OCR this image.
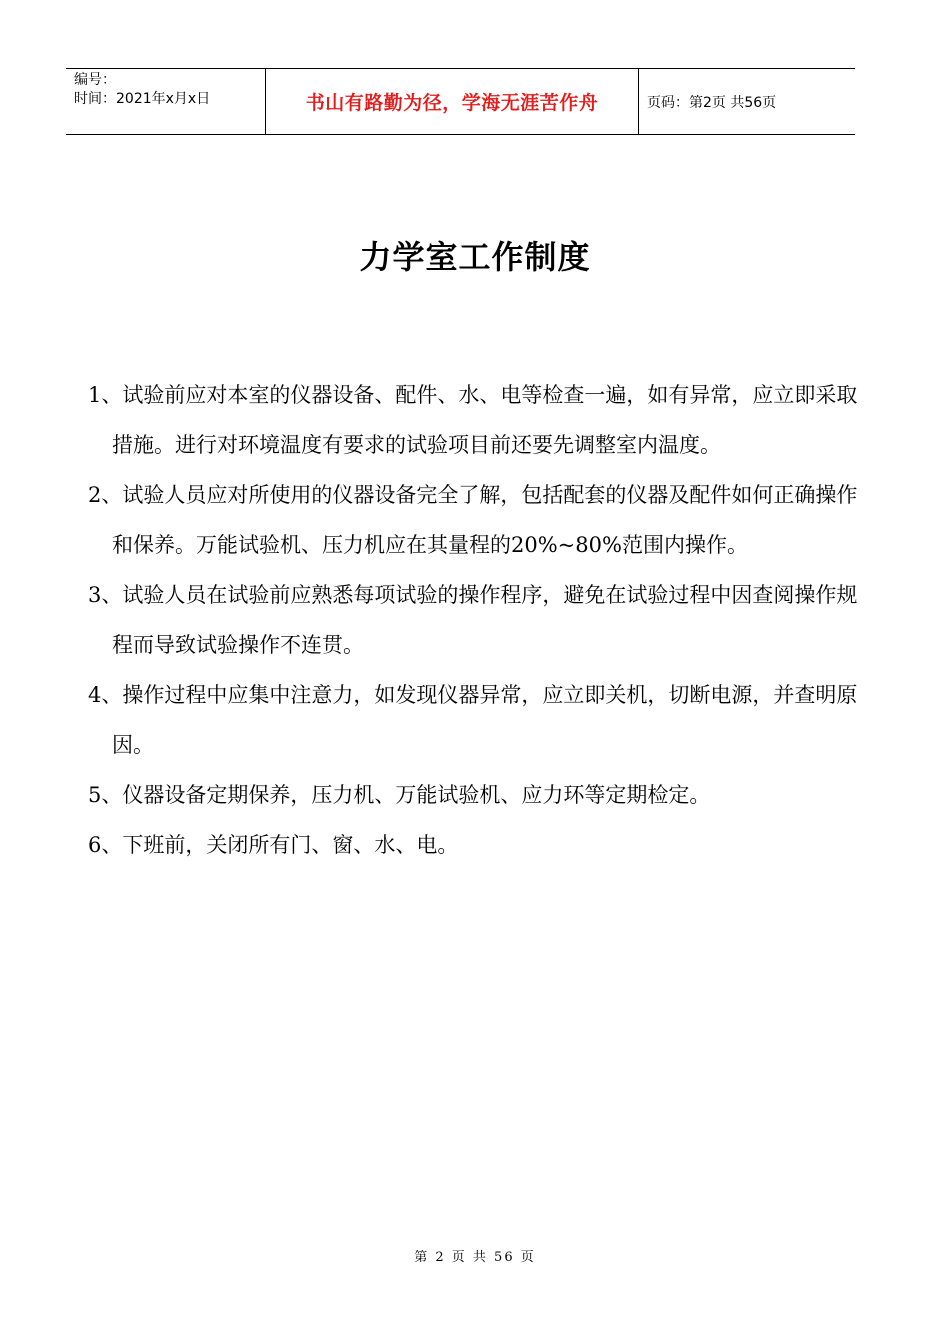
编号：
时间：2021年x月x日	书山有路勤为径，学海无涯苦作舟	页码：第2页 共56页
力学室工作制度

1、试验前应对本室的仪器设备、配件、水、电等检查一遍，如有异常，应立即采取措施。进行对环境温度有要求的试验项目前还要先调整室内温度。

2、试验人员应对所使用的仪器设备完全了解，包括配套的仪器及配件如何正确操作和保养。万能试验机、压力机应在其量程的20%~80%范围内操作。

3、试验人员在试验前应熟悉每项试验的操作程序，避免在试验过程中因查阅操作规程而导致试验操作不连贯。

4、操作过程中应集中注意力，如发现仪器异常，应立即关机，切断电源，并查明原因。

5、仪器设备定期保养，压力机、万能试验机、应力环等定期检定。

6、下班前，关闭所有门、窗、水、电。

第 2 页 共 56 页
